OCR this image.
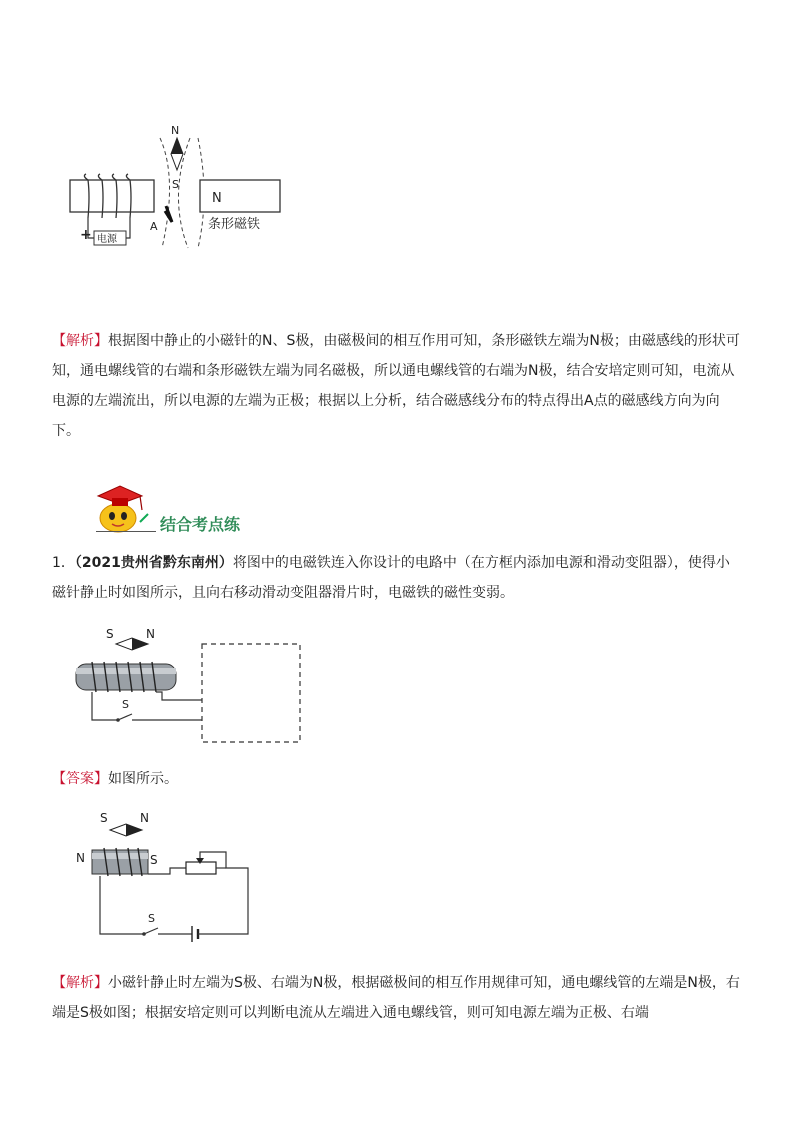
+ 电源
N
S
A
N
条形磁铁
【解析】根据图中静止的小磁针的N、S极，由磁极间的相互作用可知，条形磁铁左端为N极；由磁感线的形状可知，通电螺线管的右端和条形磁铁左端为同名磁极，所以通电螺线管的右端为N极，结合安培定则可知，电流从电源的左端流出，所以电源的左端为正极；根据以上分析，结合磁感线分布的特点得出A点的磁感线方向为向下。
结合考点练
1．（2021贵州省黔东南州）将图中的电磁铁连入你设计的电路中（在方框内添加电源和滑动变阻器），使得小磁针静止时如图所示，且向右移动滑动变阻器滑片时，电磁铁的磁性变弱。
S	N
S
【答案】如图所示。
S	N
N	S
S
【解析】小磁针静止时左端为S极、右端为N极，根据磁极间的相互作用规律可知，通电螺线管的左端是N极，右端是S极如图；根据安培定则可以判断电流从左端进入通电螺线管，则可知电源左端为正极、右端
